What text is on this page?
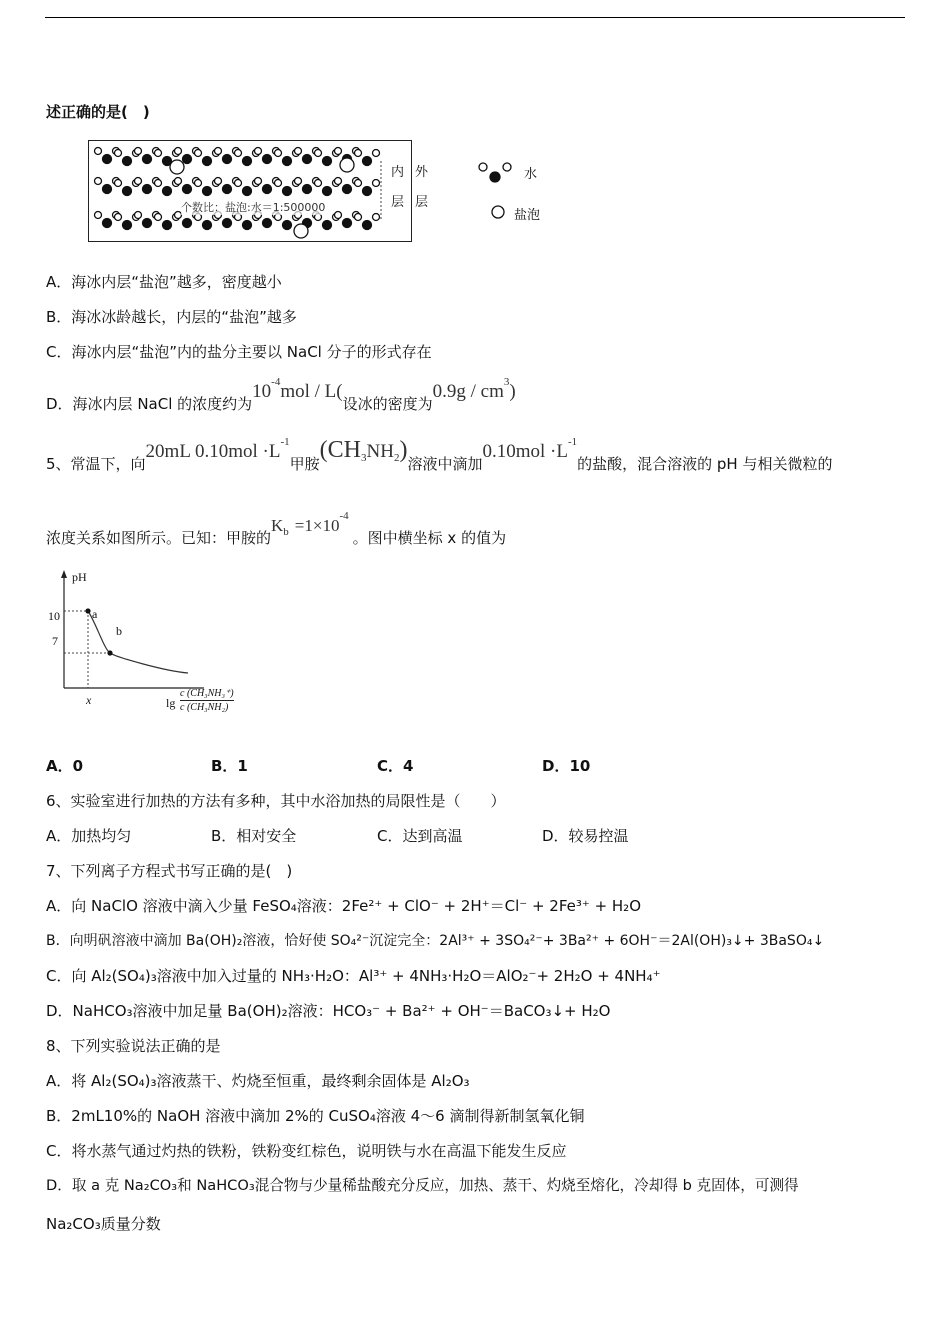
述正确的是(　)
个数比：盐泡:水＝1:500000
内
层
外
层
水
盐泡
A．海冰内层“盐泡”越多，密度越小
B．海冰冰龄越长，内层的“盐泡”越多
C．海冰内层“盐泡”内的盐分主要以 NaCl 分子的形式存在
D．海冰内层 NaCl 的浓度约为$10^{-4}mol / L$(设冰的密度为$0.9g / cm^3$)
5、常温下，向20mL $0.10mol \cdot L^{-1}$甲胺$(CH_3NH_2)$溶液中滴加$0.10mol \cdot L^{-1}$的盐酸，混合溶液的 pH 与相关微粒的
浓度关系如图所示。已知：甲胺的$K_b =1\times 10^{-4}$。图中横坐标 x 的值为
pH
10
7
x
a
b
lg
c (CH₃NH₃⁺)
c (CH₃NH₂)
A．0	B．1	C．4	D．10
6、实验室进行加热的方法有多种，其中水浴加热的局限性是（　　）
A．加热均匀	B．相对安全	C．达到高温	D．较易控温
7、下列离子方程式书写正确的是(　)
A．向 NaClO 溶液中滴入少量 FeSO₄溶液：2Fe²⁺ + ClO⁻ + 2H⁺＝Cl⁻ + 2Fe³⁺ + H₂O
B．向明矾溶液中滴加 Ba(OH)₂溶液，恰好使 SO₄²⁻沉淀完全：2Al³⁺ + 3SO₄²⁻+ 3Ba²⁺ + 6OH⁻＝2Al(OH)₃↓+ 3BaSO₄↓
C．向 Al₂(SO₄)₃溶液中加入过量的 NH₃·H₂O：Al³⁺ + 4NH₃·H₂O＝AlO₂⁻+ 2H₂O + 4NH₄⁺
D．NaHCO₃溶液中加足量 Ba(OH)₂溶液：HCO₃⁻ + Ba²⁺ + OH⁻＝BaCO₃↓+ H₂O
8、下列实验说法正确的是
A．将 Al₂(SO₄)₃溶液蒸干、灼烧至恒重，最终剩余固体是 Al₂O₃
B．2mL10%的 NaOH 溶液中滴加 2%的 CuSO₄溶液 4～6 滴制得新制氢氧化铜
C．将水蒸气通过灼热的铁粉，铁粉变红棕色，说明铁与水在高温下能发生反应
D．取 a 克 Na₂CO₃和 NaHCO₃混合物与少量稀盐酸充分反应，加热、蒸干、灼烧至熔化，冷却得 b 克固体，可测得
Na₂CO₃质量分数
